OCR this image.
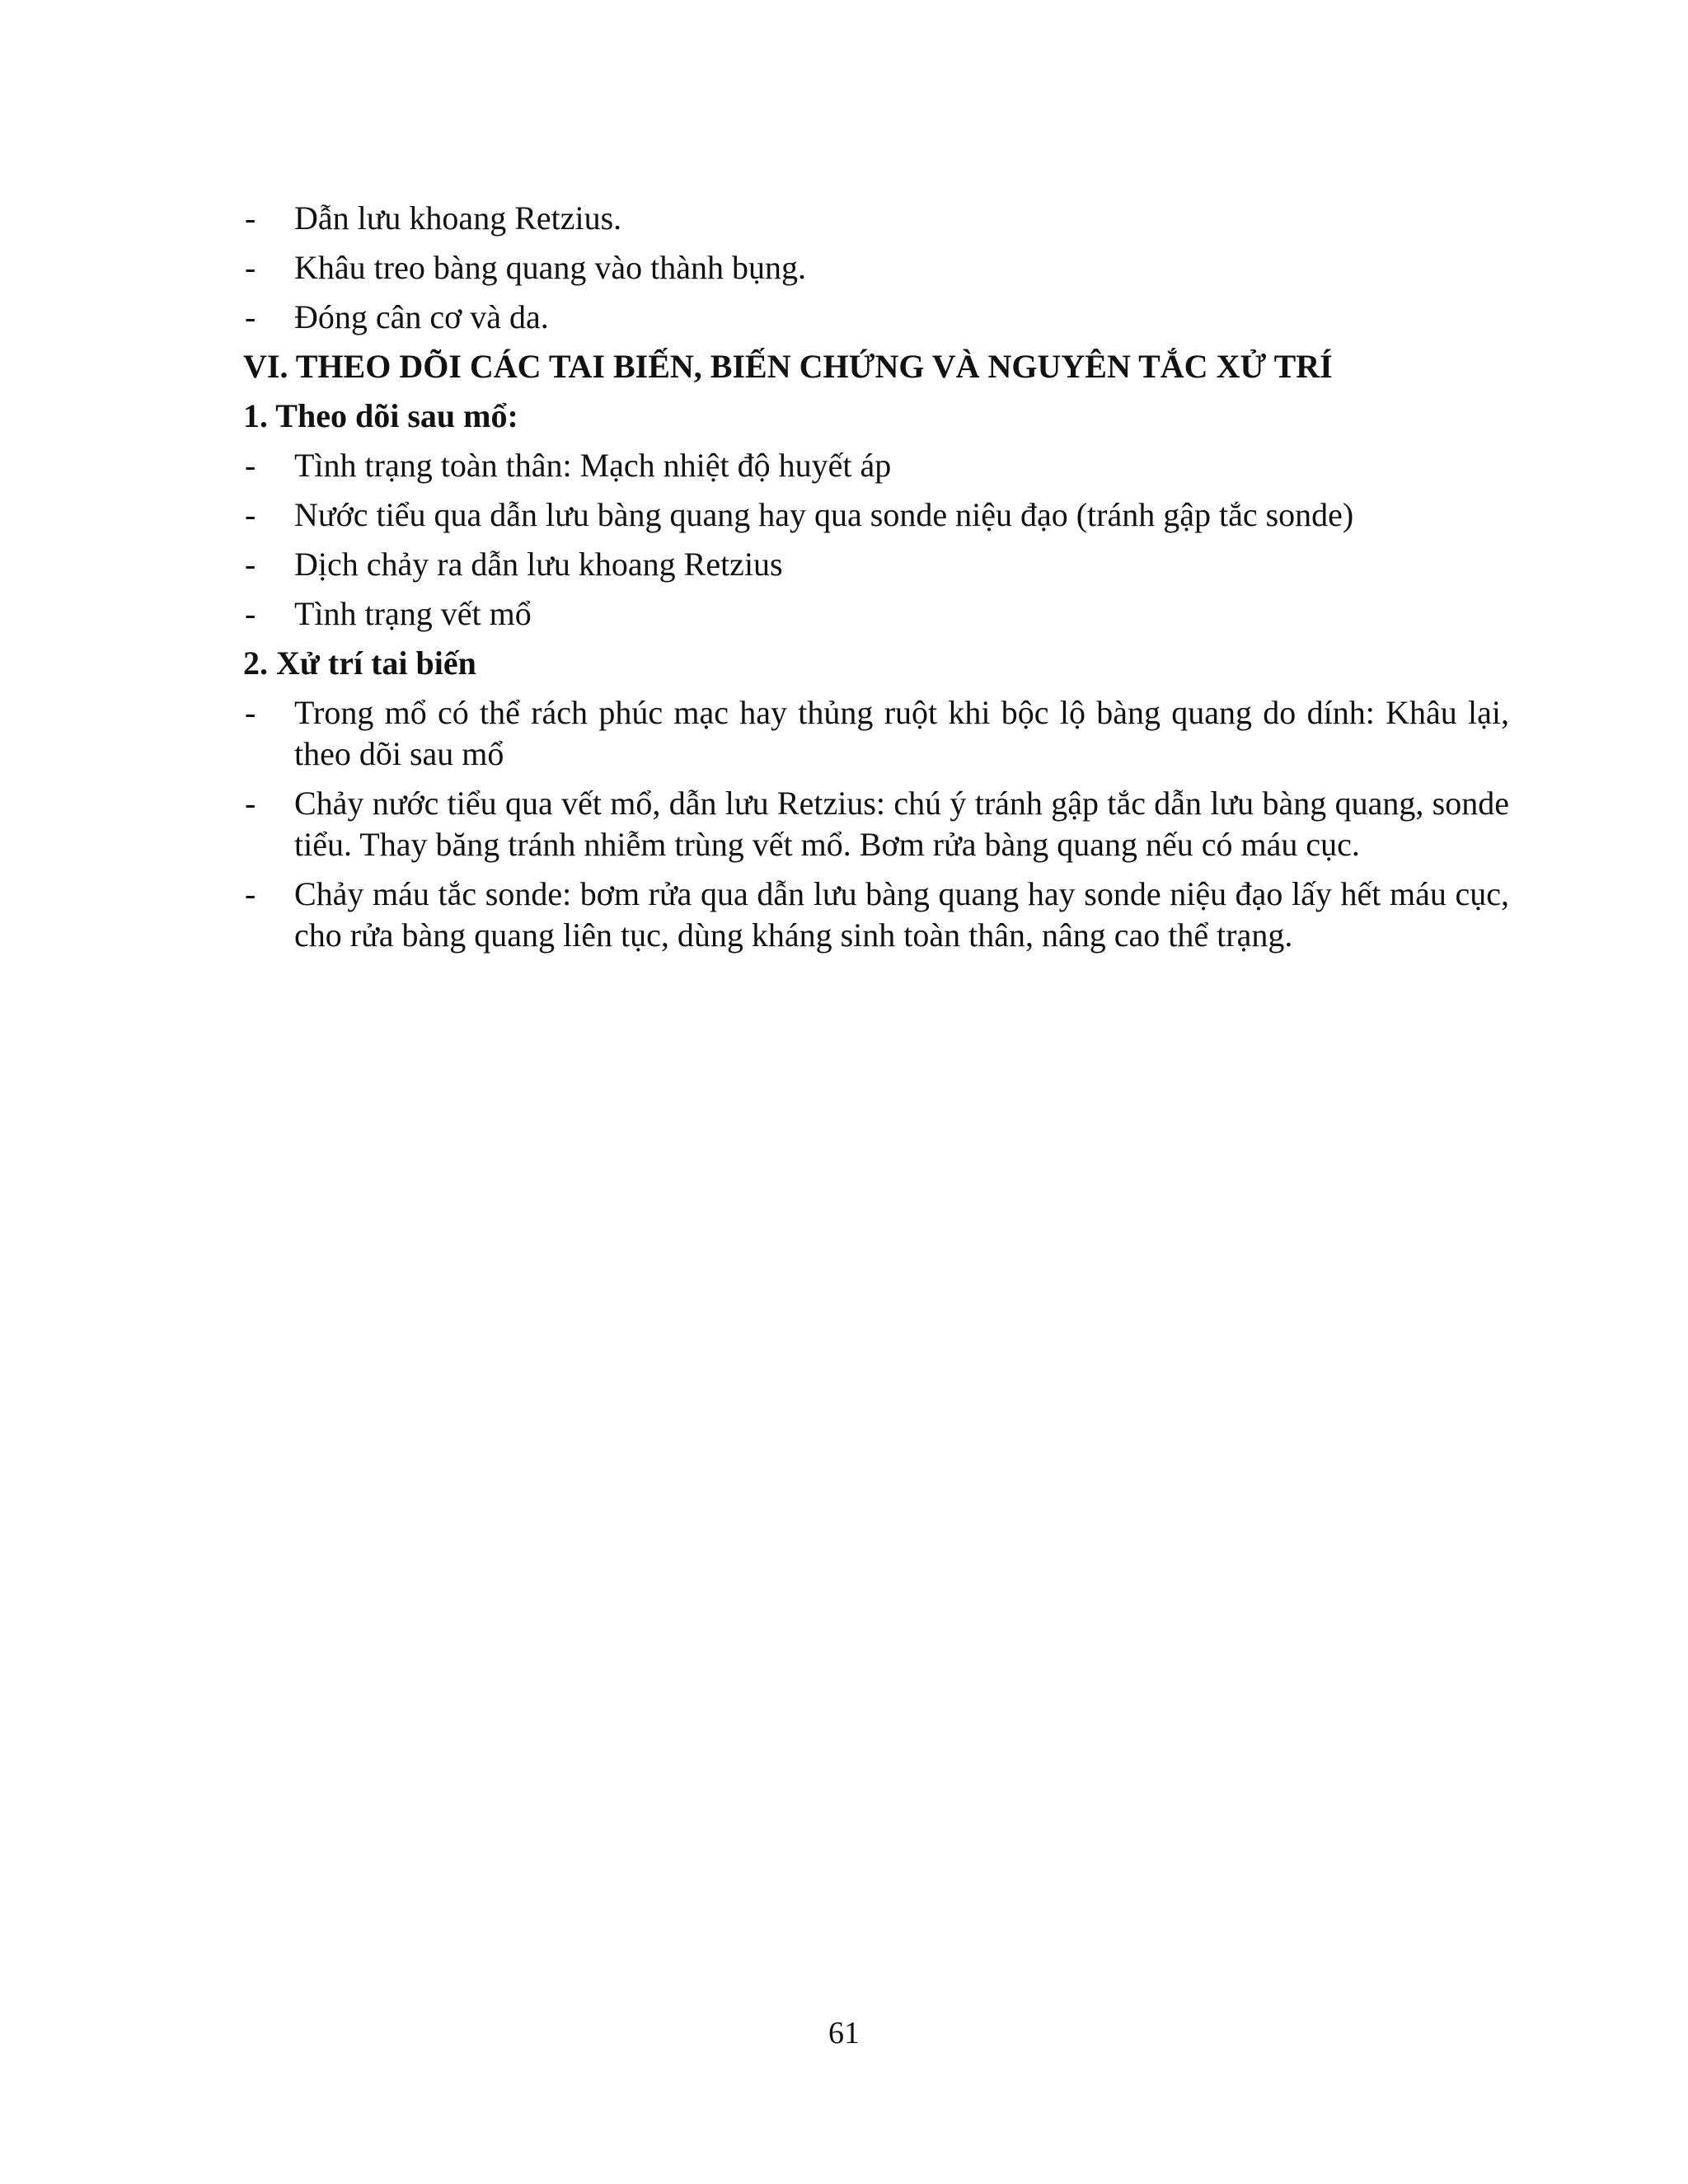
-	Dẫn lưu khoang Retzius.
-	Khâu treo bàng quang vào thành bụng.
-	Đóng cân cơ và da.
VI. THEO DÕI CÁC TAI BIẾN, BIẾN CHỨNG VÀ NGUYÊN TẮC XỬ TRÍ
1. Theo dõi sau mổ:
-	Tình trạng toàn thân: Mạch nhiệt độ huyết áp
-	Nước tiểu qua dẫn lưu bàng quang hay qua sonde niệu đạo (tránh gập tắc sonde)
-	Dịch chảy ra dẫn lưu khoang Retzius
-	Tình trạng vết mổ
2. Xử trí tai biến
-	Trong mổ có thể rách phúc mạc hay thủng ruột khi bộc lộ bàng quang do dính: Khâu lại, theo dõi sau mổ
-	Chảy nước tiểu qua vết mổ, dẫn lưu Retzius: chú ý tránh gập tắc dẫn lưu bàng quang, sonde tiểu. Thay băng tránh nhiễm trùng vết mổ. Bơm rửa bàng quang nếu có máu cục.
-	Chảy máu tắc sonde: bơm rửa qua dẫn lưu bàng quang hay sonde niệu đạo lấy hết máu cục, cho rửa bàng quang liên tục, dùng kháng sinh toàn thân, nâng cao thể trạng.
61
